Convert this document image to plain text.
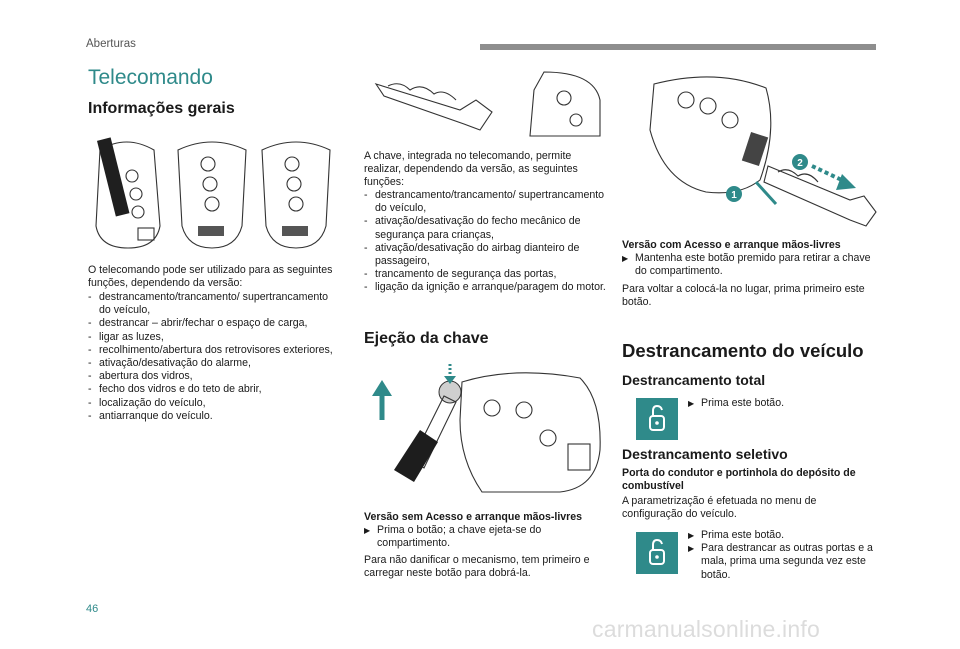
Aberturas
Telecomando
Informações gerais
O telecomando pode ser utilizado para as seguintes funções, dependendo da versão:
- destrancamento/trancamento/ supertrancamento do veículo,
- destrancar – abrir/fechar o espaço de carga,
- ligar as luzes,
- recolhimento/abertura dos retrovisores exteriores,
- ativação/desativação do alarme,
- abertura dos vidros,
- fecho dos vidros e do teto de abrir,
- localização do veículo,
- antiarranque do veículo.
A chave, integrada no telecomando, permite realizar, dependendo da versão, as seguintes funções:
- destrancamento/trancamento/ supertrancamento do veículo,
- ativação/desativação do fecho mecânico de segurança para crianças,
- ativação/desativação do airbag dianteiro de passageiro,
- trancamento de segurança das portas,
- ligação da ignição e arranque/paragem do motor.
Ejeção da chave
Versão sem Acesso e arranque mãos-livres
▶ Prima o botão; a chave ejeta-se do compartimento.
Para não danificar o mecanismo, tem primeiro e carregar neste botão para dobrá-la.
1
2
Versão com Acesso e arranque mãos-livres
▶ Mantenha este botão premido para retirar a chave do compartimento.
Para voltar a colocá-la no lugar, prima primeiro este botão.
Destrancamento do veículo
Destrancamento total
▶ Prima este botão.
Destrancamento seletivo
Porta do condutor e portinhola do depósito de combustível
A parametrização é efetuada no menu de configuração do veículo.
▶ Prima este botão.
▶ Para destrancar as outras portas e a mala, prima uma segunda vez este botão.
46
carmanualsonline.info
